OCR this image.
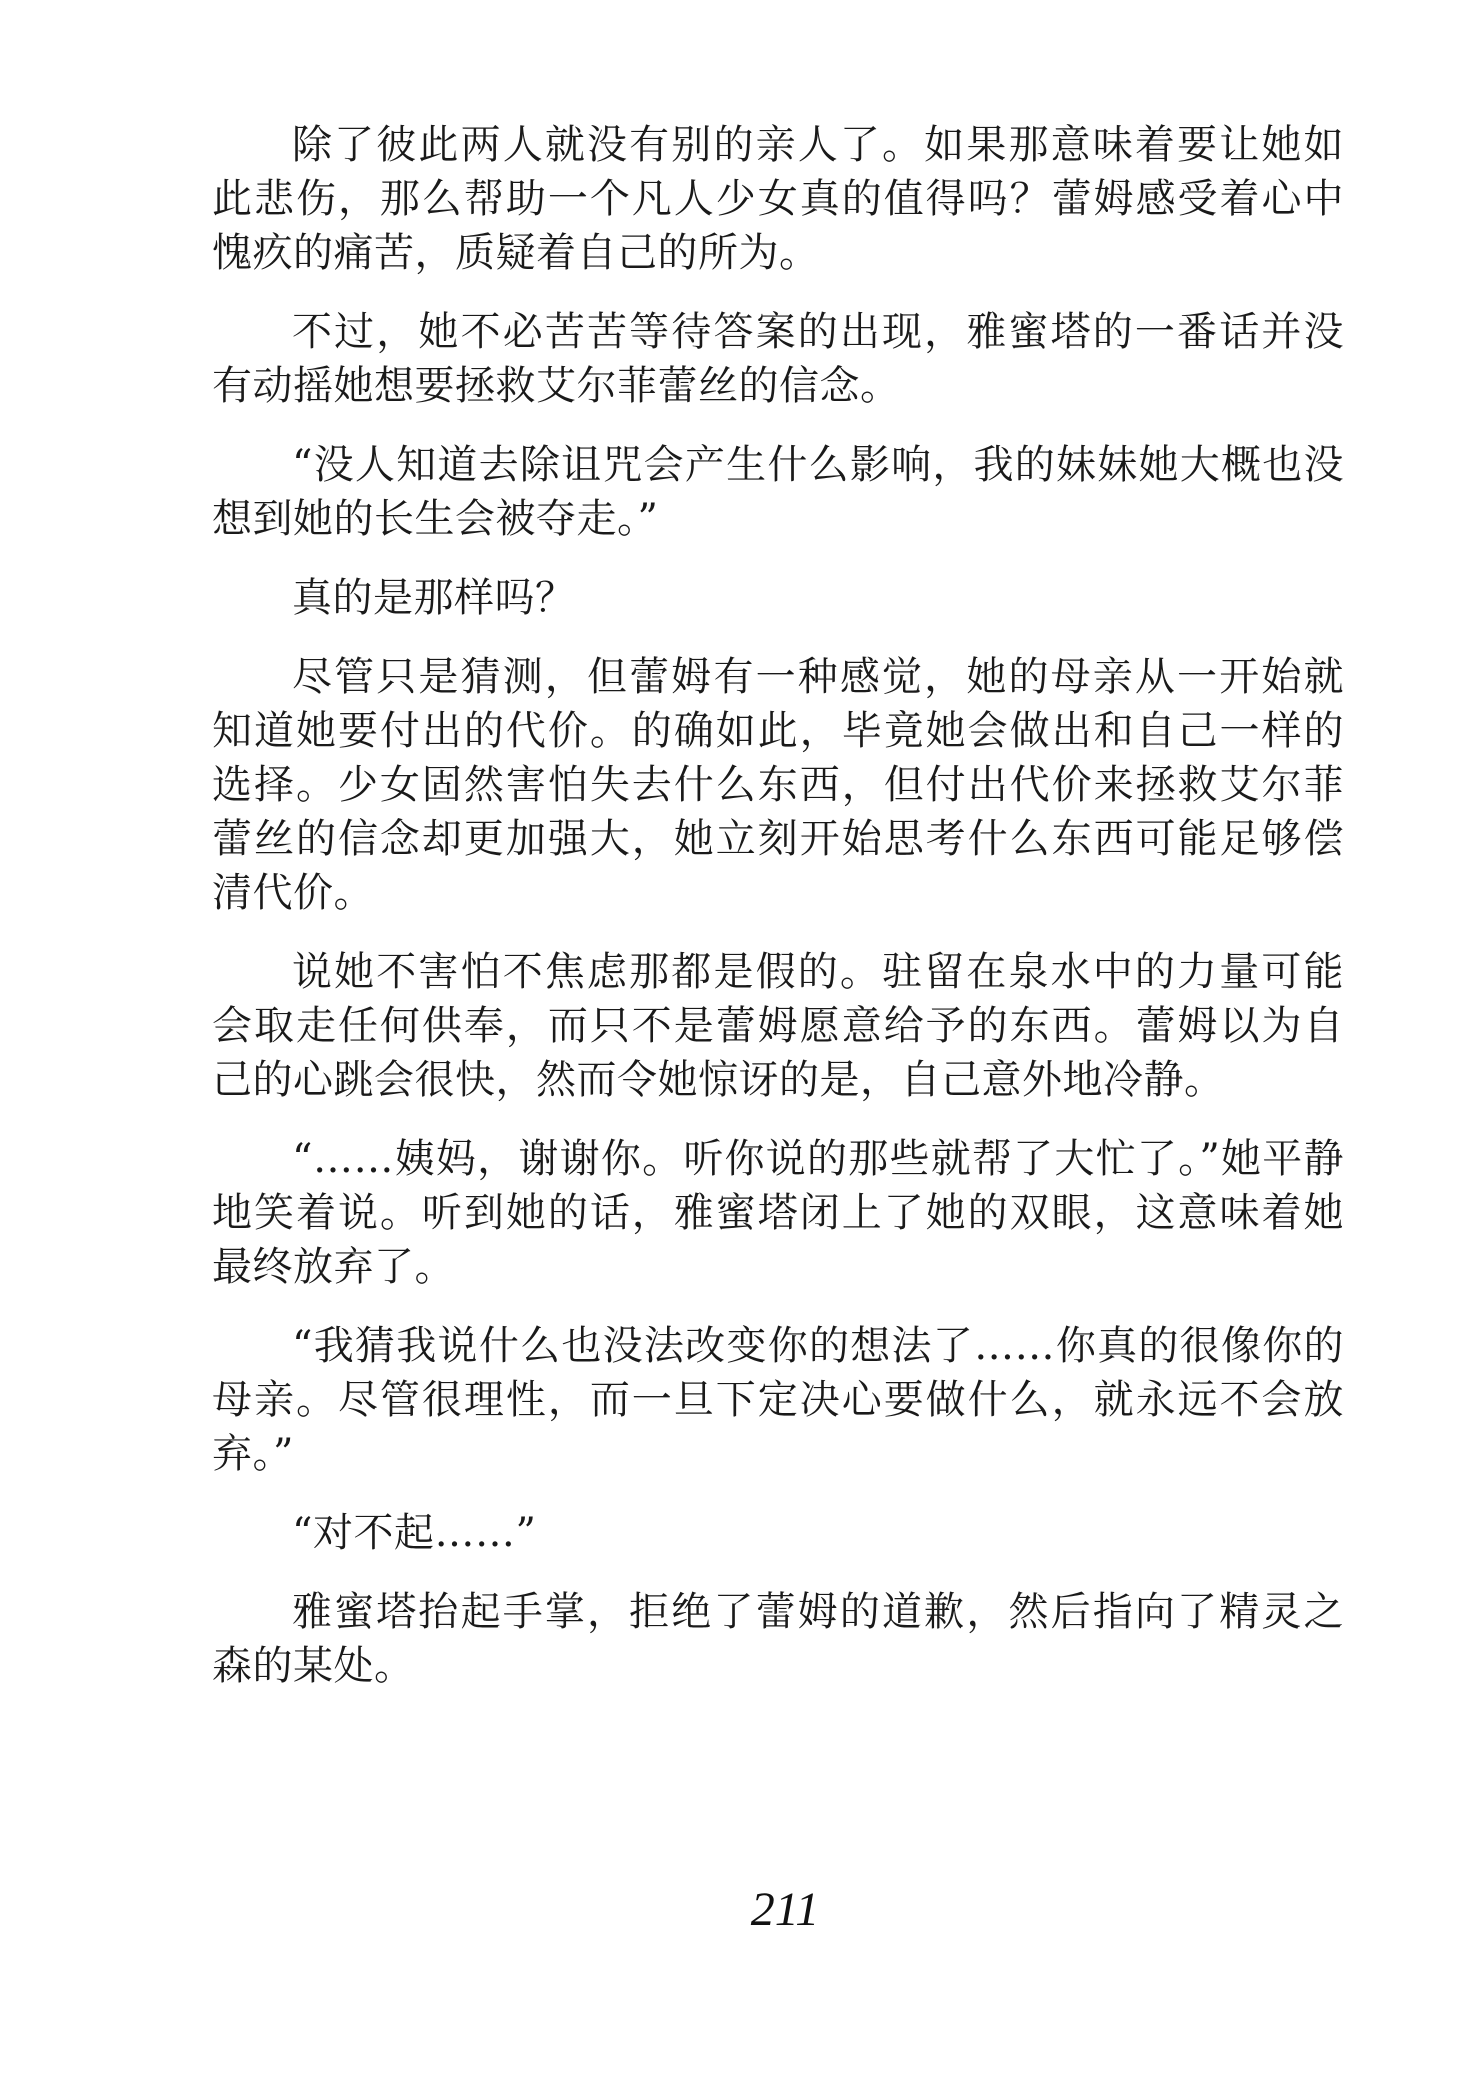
除了彼此两人就没有别的亲人了。如果那意味着要让她如此悲伤，那么帮助一个凡人少女真的值得吗？蕾姆感受着心中愧疚的痛苦，质疑着自己的所为。

不过，她不必苦苦等待答案的出现，雅蜜塔的一番话并没有动摇她想要拯救艾尔菲蕾丝的信念。

“没人知道去除诅咒会产生什么影响，我的妹妹她大概也没想到她的长生会被夺走。”

真的是那样吗？

尽管只是猜测，但蕾姆有一种感觉，她的母亲从一开始就知道她要付出的代价。的确如此，毕竟她会做出和自己一样的选择。少女固然害怕失去什么东西，但付出代价来拯救艾尔菲蕾丝的信念却更加强大，她立刻开始思考什么东西可能足够偿清代价。

说她不害怕不焦虑那都是假的。驻留在泉水中的力量可能会取走任何供奉，而只不是蕾姆愿意给予的东西。蕾姆以为自己的心跳会很快，然而令她惊讶的是，自己意外地冷静。

“……姨妈，谢谢你。听你说的那些就帮了大忙了。”她平静地笑着说。听到她的话，雅蜜塔闭上了她的双眼，这意味着她最终放弃了。

“我猜我说什么也没法改变你的想法了……你真的很像你的母亲。尽管很理性，而一旦下定决心要做什么，就永远不会放弃。”

“对不起……”

雅蜜塔抬起手掌，拒绝了蕾姆的道歉，然后指向了精灵之森的某处。

211
